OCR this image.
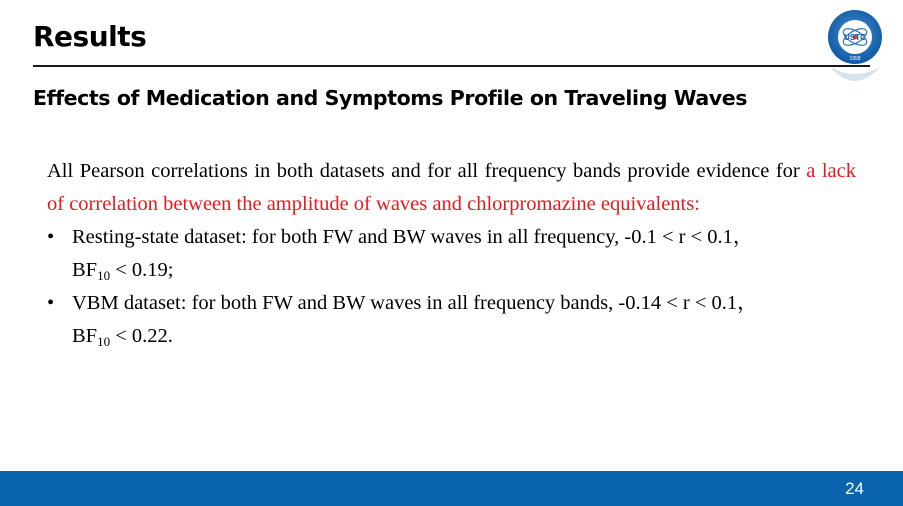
Results	USTC
1958
Effects of Medication and Symptoms Profile on Traveling Waves
All Pearson correlations in both datasets and for all frequency bands provide evidence for a lack of correlation between the amplitude of waves and chlorpromazine equivalents:
• Resting-state dataset: for both FW and BW waves in all frequency, -0.1 < r < 0.1，
$BF_{10} < 0.19$;
• VBM dataset: for both FW and BW waves in all frequency bands, -0.14 < r < 0.1，
$BF_{10} < 0.22$.
24
